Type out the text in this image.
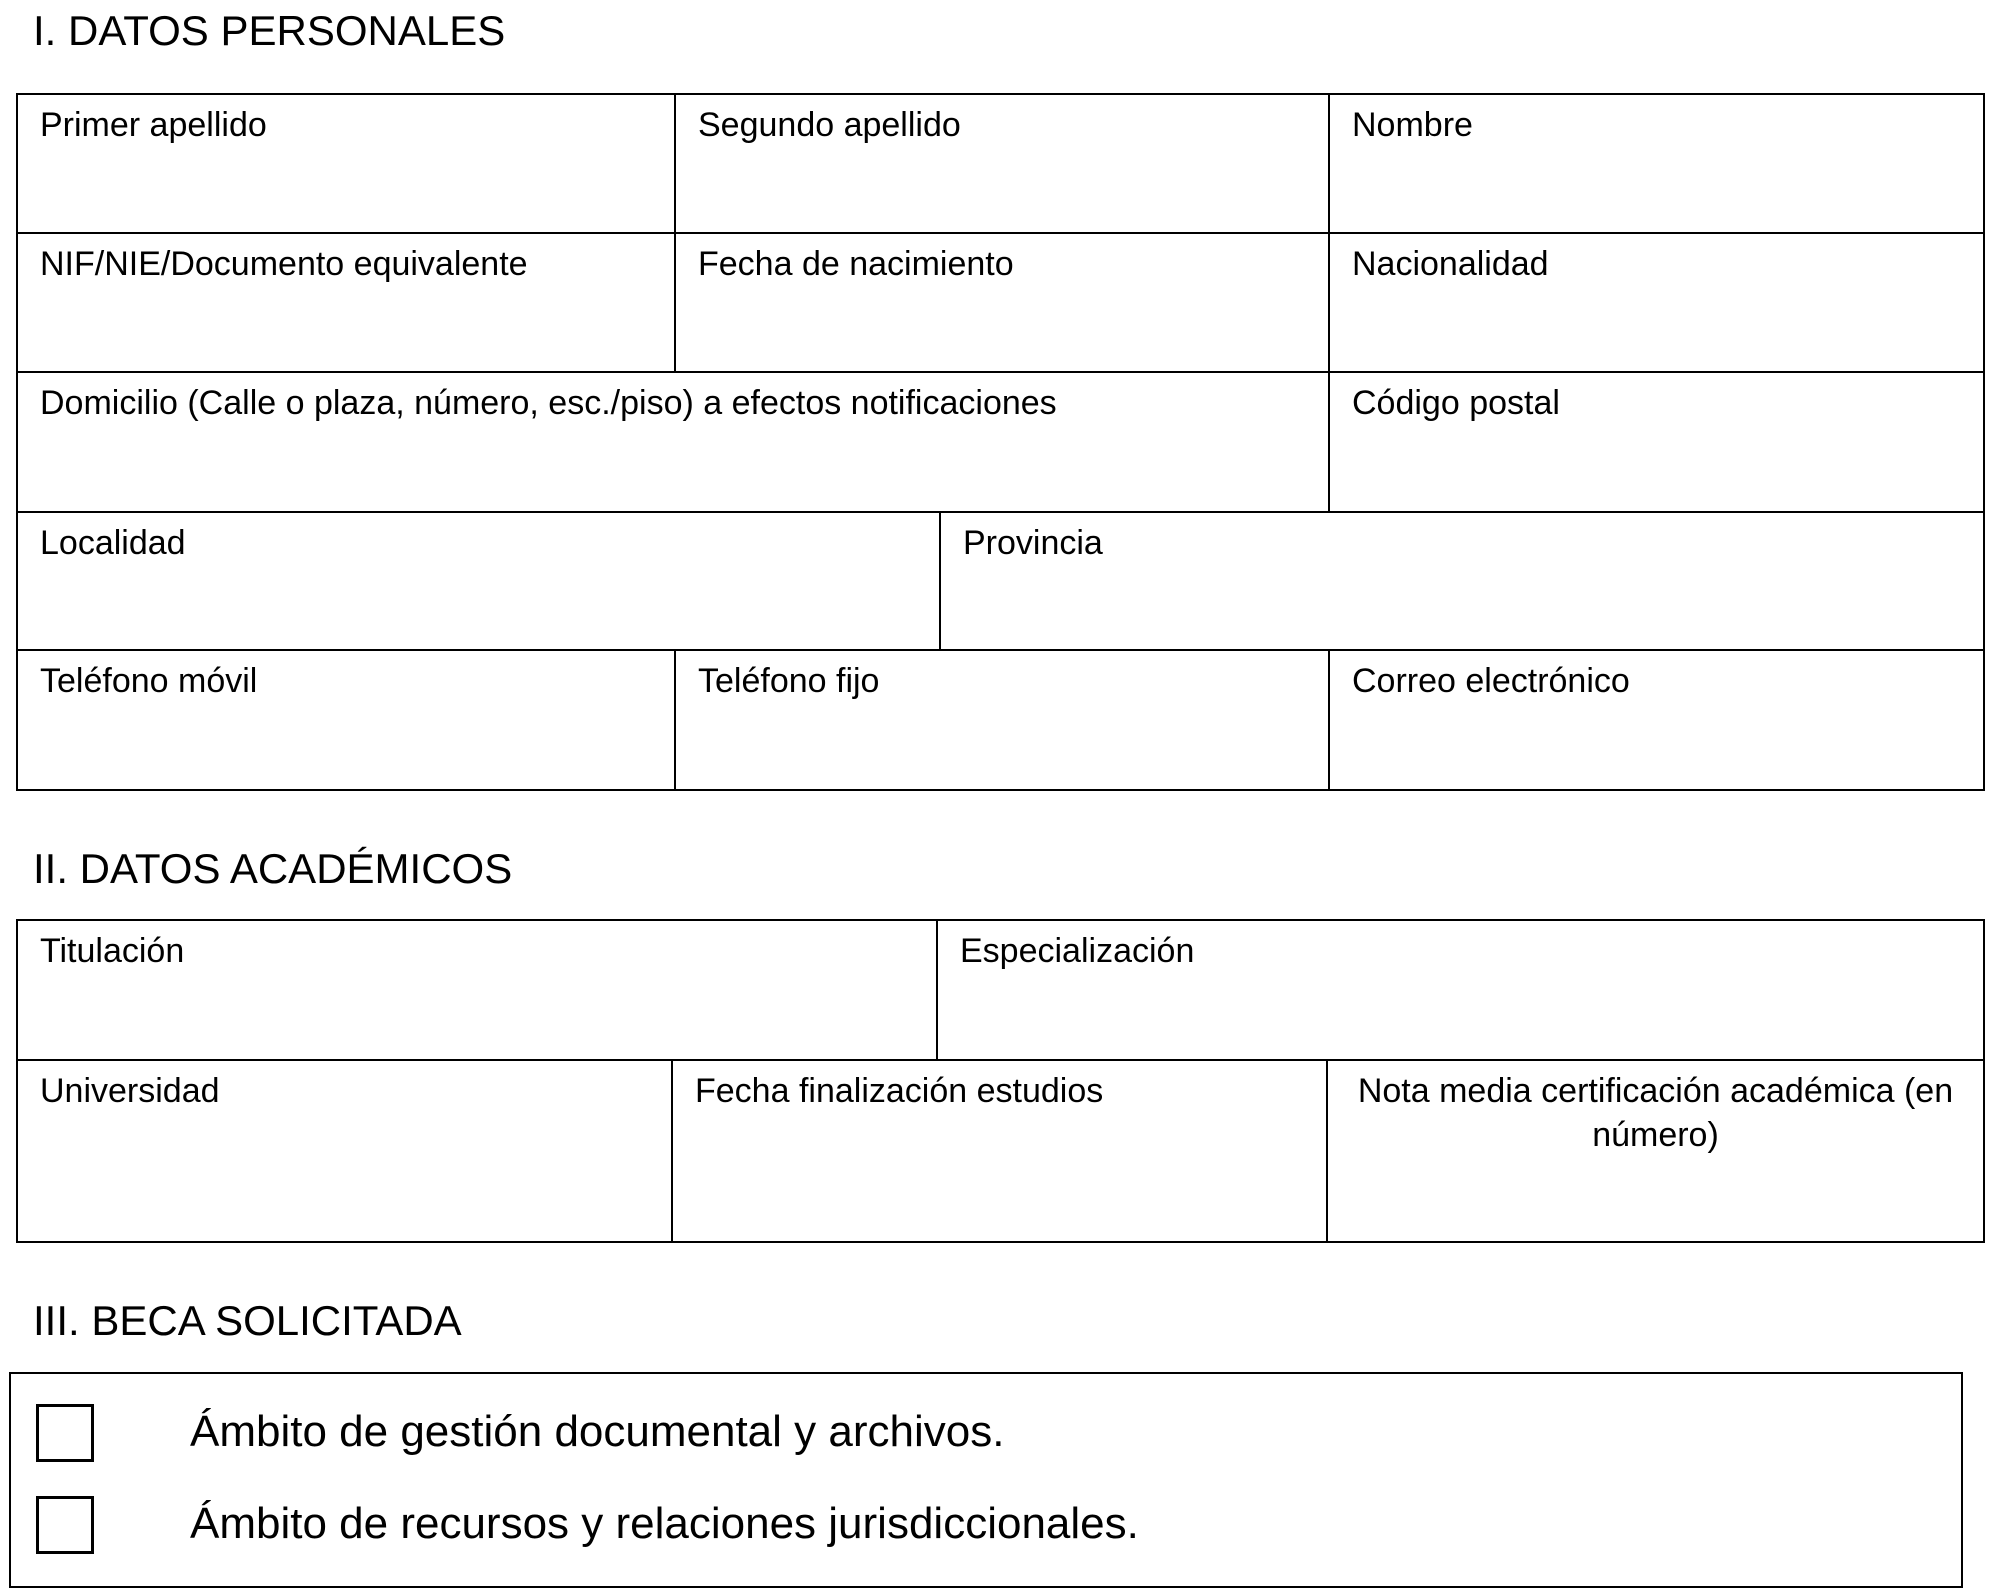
I. DATOS PERSONALES
Primer apellido	Segundo apellido	Nombre
NIF/NIE/Documento equivalente	Fecha de nacimiento	Nacionalidad
Domicilio (Calle o plaza, número, esc./piso) a efectos notificaciones	Código postal
Localidad	Provincia
Teléfono móvil	Teléfono fijo	Correo electrónico
II. DATOS ACADÉMICOS
Titulación	Especialización
Universidad	Fecha finalización estudios	Nota media certificación académica (en número)
III. BECA SOLICITADA
Ámbito de gestión documental y archivos.
Ámbito de recursos y relaciones jurisdiccionales.
